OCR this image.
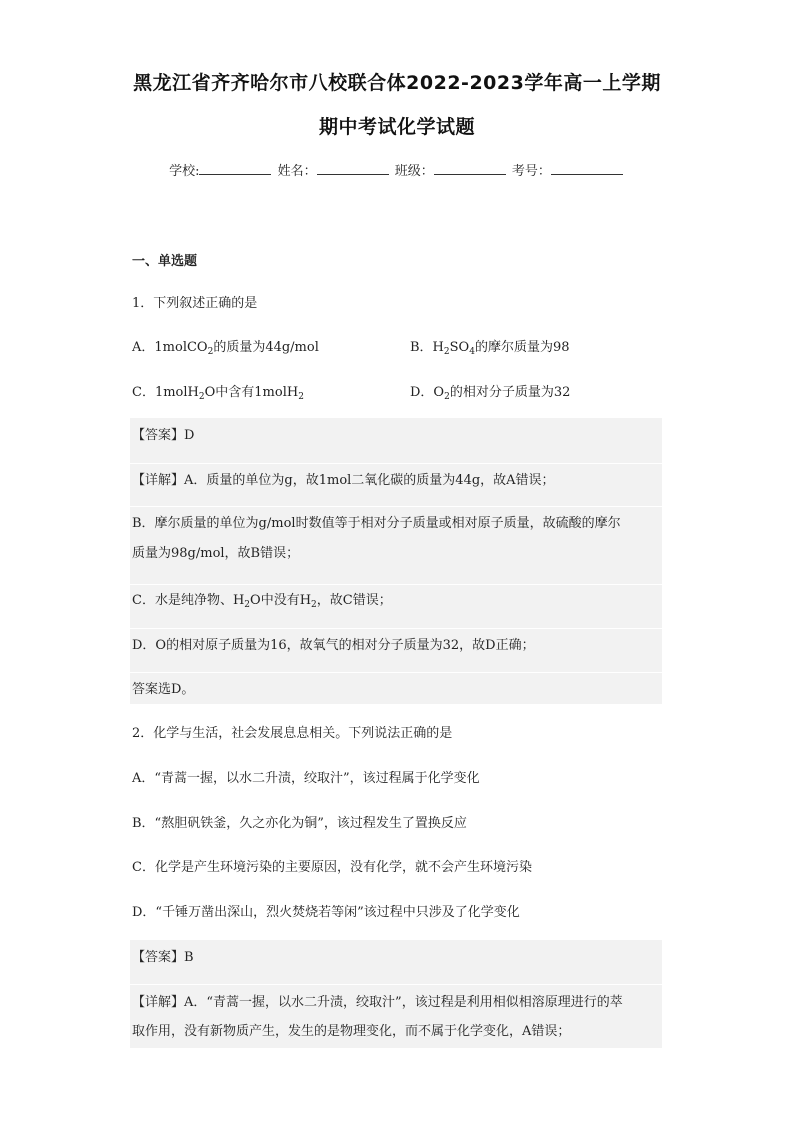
黑龙江省齐齐哈尔市八校联合体2022-2023学年高一上学期
期中考试化学试题
学校:	姓名：	班级：	考号：
一、单选题
1．下列叙述正确的是
A．1molCO$_2$的质量为44g/mol	B．$H_2SO_4$的摩尔质量为98
C．1molH$_2$O中含有1molH$_2$	D．$O_2$的相对分子质量为32
【答案】D
【详解】A．质量的单位为g，故1mol二氧化碳的质量为44g，故A错误；
B．摩尔质量的单位为g/mol时数值等于相对分子质量或相对原子质量，故硫酸的摩尔
质量为98g/mol，故B错误；
C．水是纯净物、$H_2O$中没有$H_2$，故C错误；
D．O的相对原子质量为16，故氧气的相对分子质量为32，故D正确；
答案选D。
2．化学与生活，社会发展息息相关。下列说法正确的是
A．“青蒿一握，以水二升渍，绞取汁”，该过程属于化学变化
B．“熬胆矾铁釜，久之亦化为铜”，该过程发生了置换反应
C．化学是产生环境污染的主要原因，没有化学，就不会产生环境污染
D．“千锤万凿出深山，烈火焚烧若等闲”该过程中只涉及了化学变化
【答案】B
【详解】A．“青蒿一握，以水二升渍，绞取汁”，该过程是利用相似相溶原理进行的萃
取作用，没有新物质产生，发生的是物理变化，而不属于化学变化，A错误；
